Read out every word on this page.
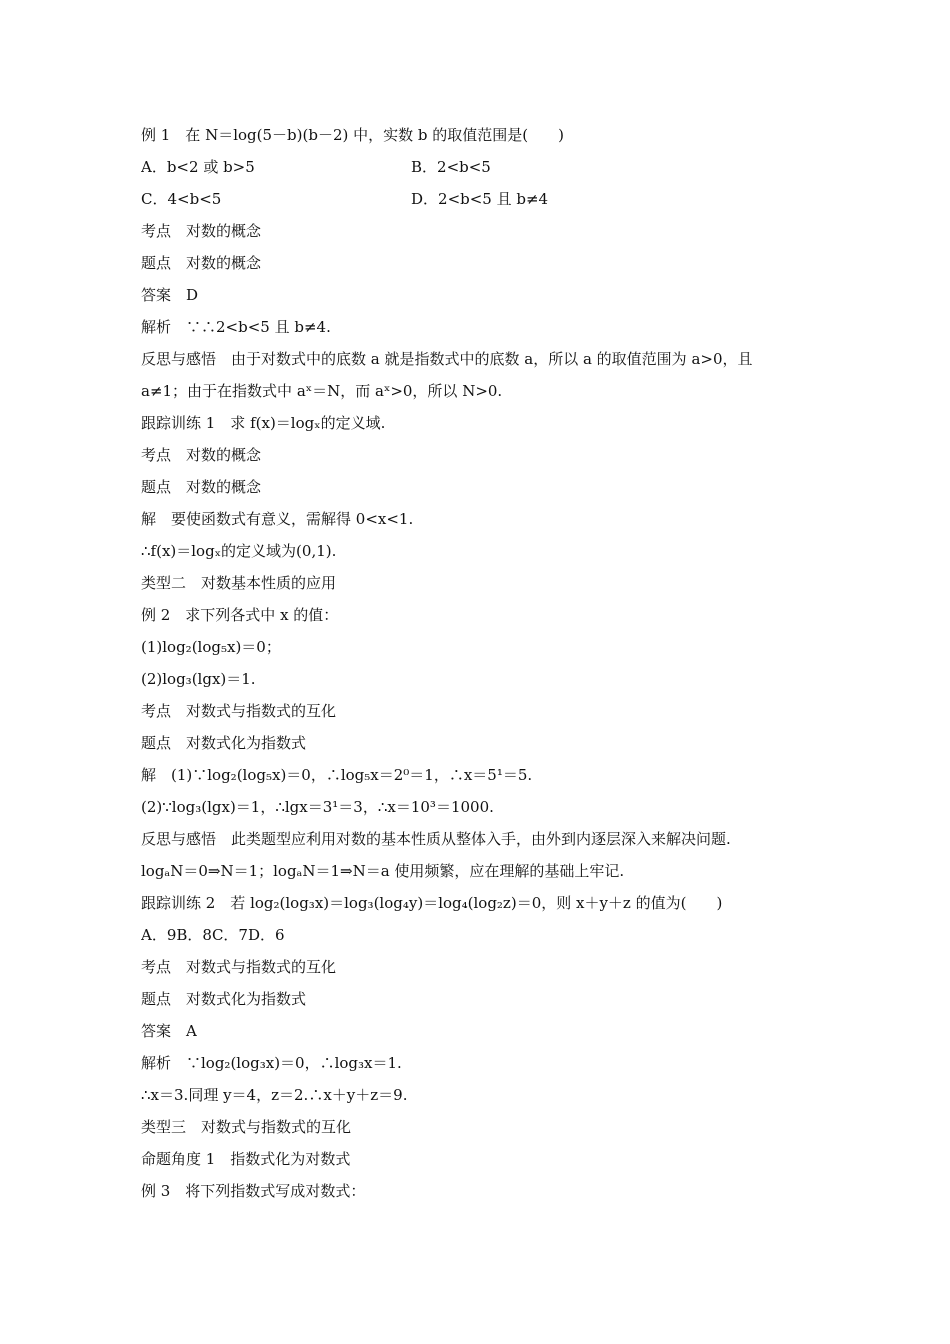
例 1　在 N＝log(5－b)(b－2) 中，实数 b 的取值范围是(　　)
A．b<2 或 b>5	B．2<b<5
C．4<b<5	D．2<b<5 且 b≠4
考点　对数的概念
题点　对数的概念
答案　D
解析　∵∴2<b<5 且 b≠4.
反思与感悟　由于对数式中的底数 a 就是指数式中的底数 a，所以 a 的取值范围为 a>0，且
a≠1；由于在指数式中 aˣ＝N，而 aˣ>0，所以 N>0.
跟踪训练 1　求 f(x)＝logₓ的定义域.
考点　对数的概念
题点　对数的概念
解　要使函数式有意义，需解得 0<x<1.
∴f(x)＝logₓ的定义域为(0,1).
类型二　对数基本性质的应用
例 2　求下列各式中 x 的值：
(1)log₂(log₅x)＝0；
(2)log₃(lgx)＝1.
考点　对数式与指数式的互化
题点　对数式化为指数式
解　(1)∵log₂(log₅x)＝0，∴log₅x＝2⁰＝1，∴x＝5¹＝5.
(2)∵log₃(lgx)＝1，∴lgx＝3¹＝3，∴x＝10³＝1000.
反思与感悟　此类题型应利用对数的基本性质从整体入手，由外到内逐层深入来解决问题.
logₐN＝0⇒N＝1；logₐN＝1⇒N＝a 使用频繁，应在理解的基础上牢记.
跟踪训练 2　若 log₂(log₃x)＝log₃(log₄y)＝log₄(log₂z)＝0，则 x＋y＋z 的值为(　　)
A．9B．8C．7D．6
考点　对数式与指数式的互化
题点　对数式化为指数式
答案　A
解析　∵log₂(log₃x)＝0，∴log₃x＝1.
∴x＝3.同理 y＝4，z＝2.∴x＋y＋z＝9.
类型三　对数式与指数式的互化
命题角度 1　指数式化为对数式
例 3　将下列指数式写成对数式：
